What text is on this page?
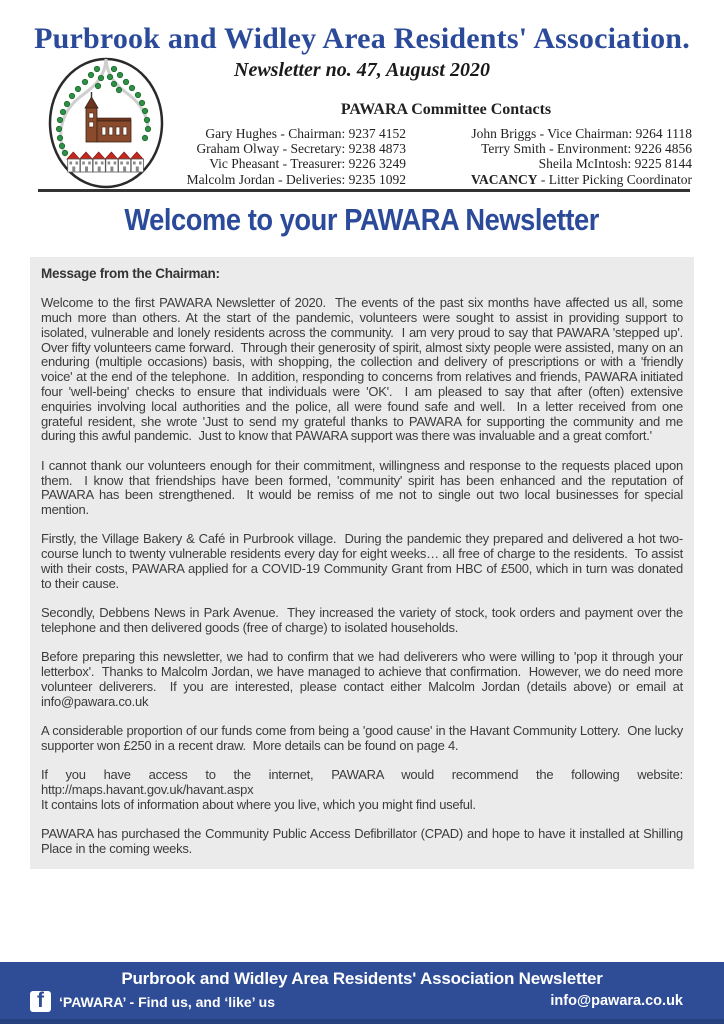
Purbrook and Widley Area Residents' Association.
Newsletter no. 47, August 2020
PAWARA Committee Contacts
Gary Hughes - Chairman: 9237 4152
Graham Olway - Secretary: 9238 4873
Vic Pheasant - Treasurer: 9226 3249
Malcolm Jordan - Deliveries: 9235 1092
John Briggs - Vice Chairman: 9264 1118
Terry Smith - Environment: 9226 4856
Sheila McIntosh: 9225 8144
VACANCY - Litter Picking Coordinator
Welcome to your PAWARA Newsletter
Message from the Chairman:
Welcome to the first PAWARA Newsletter of 2020.  The events of the past six months have affected us all, some much more than others. At the start of the pandemic, volunteers were sought to assist in providing support to isolated, vulnerable and lonely residents across the community.  I am very proud to say that PAWARA 'stepped up'. Over fifty volunteers came forward.  Through their generosity of spirit, almost sixty people were assisted, many on an enduring (multiple occasions) basis, with shopping, the collection and delivery of prescriptions or with a 'friendly voice' at the end of the telephone.  In addition, responding to concerns from relatives and friends, PAWARA initiated four 'well-being' checks to ensure that individuals were 'OK'.  I am pleased to say that after (often) extensive enquiries involving local authorities and the police, all were found safe and well.  In a letter received from one grateful resident, she wrote 'Just to send my grateful thanks to PAWARA for supporting the community and me during this awful pandemic.  Just to know that PAWARA support was there was invaluable and a great comfort.'
I cannot thank our volunteers enough for their commitment, willingness and response to the requests placed upon them.  I know that friendships have been formed, 'community' spirit has been enhanced and the reputation of PAWARA has been strengthened.  It would be remiss of me not to single out two local businesses for special mention.
Firstly, the Village Bakery & Café in Purbrook village.  During the pandemic they prepared and delivered a hot two-course lunch to twenty vulnerable residents every day for eight weeks… all free of charge to the residents.  To assist with their costs, PAWARA applied for a COVID-19 Community Grant from HBC of £500, which in turn was donated to their cause.
Secondly, Debbens News in Park Avenue.  They increased the variety of stock, took orders and payment over the telephone and then delivered goods (free of charge) to isolated households.
Before preparing this newsletter, we had to confirm that we had deliverers who were willing to 'pop it through your letterbox'.  Thanks to Malcolm Jordan, we have managed to achieve that confirmation.  However, we do need more volunteer deliverers.  If you are interested, please contact either Malcolm Jordan (details above) or email at info@pawara.co.uk
A considerable proportion of our funds come from being a 'good cause' in the Havant Community Lottery.  One lucky supporter won £250 in a recent draw.  More details can be found on page 4.
If you have access to the internet, PAWARA would recommend the following website:
http://maps.havant.gov.uk/havant.aspx
It contains lots of information about where you live, which you might find useful.
PAWARA has purchased the Community Public Access Defibrillator (CPAD) and hope to have it installed at Shilling Place in the coming weeks.
Purbrook and Widley Area Residents' Association Newsletter
f ‘PAWARA’ - Find us, and ‘like’ us	info@pawara.co.uk
